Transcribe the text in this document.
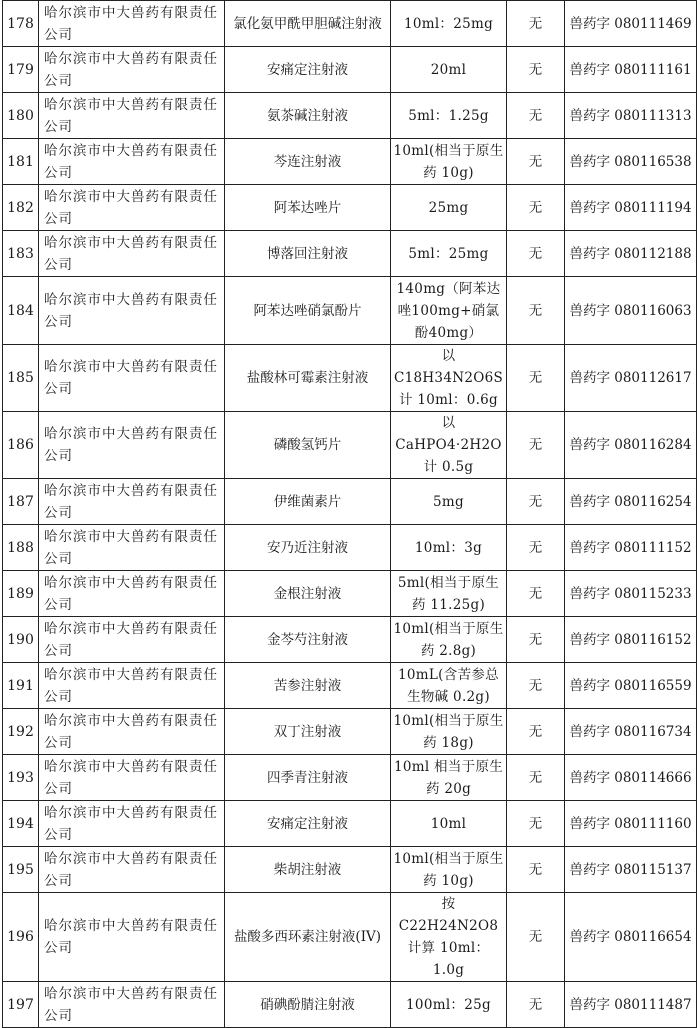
178	哈尔滨市中大兽药有限责任公司	氯化氨甲酰甲胆碱注射液	10ml：25mg	无	兽药字 080111469
179	哈尔滨市中大兽药有限责任公司	安痛定注射液	20ml	无	兽药字 080111161
180	哈尔滨市中大兽药有限责任公司	氨茶碱注射液	5ml：1.25g	无	兽药字 080111313
181	哈尔滨市中大兽药有限责任公司	芩连注射液	10ml(相当于原生药 10g)	无	兽药字 080116538
182	哈尔滨市中大兽药有限责任公司	阿苯达唑片	25mg	无	兽药字 080111194
183	哈尔滨市中大兽药有限责任公司	博落回注射液	5ml：25mg	无	兽药字 080112188
184	哈尔滨市中大兽药有限责任公司	阿苯达唑硝氯酚片	140mg（阿苯达唑100mg+硝氯酚40mg）	无	兽药字 080116063
185	哈尔滨市中大兽药有限责任公司	盐酸林可霉素注射液	以 C18H34N2O6S 计 10ml：0.6g	无	兽药字 080112617
186	哈尔滨市中大兽药有限责任公司	磷酸氢钙片	以 CaHPO4·2H2O 计 0.5g	无	兽药字 080116284
187	哈尔滨市中大兽药有限责任公司	伊维菌素片	5mg	无	兽药字 080116254
188	哈尔滨市中大兽药有限责任公司	安乃近注射液	10ml：3g	无	兽药字 080111152
189	哈尔滨市中大兽药有限责任公司	金根注射液	5ml(相当于原生药 11.25g)	无	兽药字 080115233
190	哈尔滨市中大兽药有限责任公司	金芩芍注射液	10ml(相当于原生药 2.8g)	无	兽药字 080116152
191	哈尔滨市中大兽药有限责任公司	苦参注射液	10mL(含苦参总生物碱 0.2g)	无	兽药字 080116559
192	哈尔滨市中大兽药有限责任公司	双丁注射液	10ml(相当于原生药 18g)	无	兽药字 080116734
193	哈尔滨市中大兽药有限责任公司	四季青注射液	10ml 相当于原生药 20g	无	兽药字 080114666
194	哈尔滨市中大兽药有限责任公司	安痛定注射液	10ml	无	兽药字 080111160
195	哈尔滨市中大兽药有限责任公司	柴胡注射液	10ml(相当于原生药 10g)	无	兽药字 080115137
196	哈尔滨市中大兽药有限责任公司	盐酸多西环素注射液(IV)	按 C22H24N2O8 计算 10ml：1.0g	无	兽药字 080116654
197	哈尔滨市中大兽药有限责任公司	硝碘酚腈注射液	100ml：25g	无	兽药字 080111487
